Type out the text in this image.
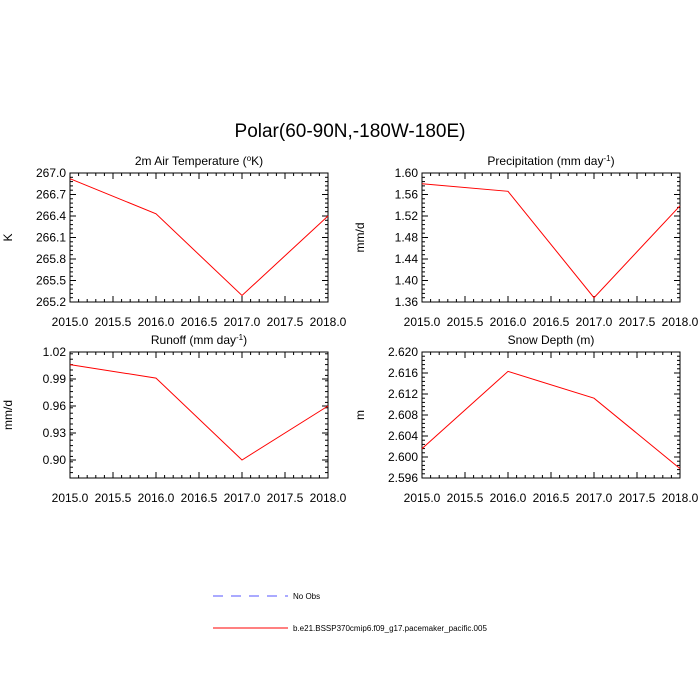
Polar(60-90N,-180W-180E)
2015.0 2015.5 2016.0 2016.5 2017.0 2017.5 2018.0
265.2
265.5
265.8
266.1
266.4
266.7
267.0
2m Air Temperature ($^o$K)
K
2015.0 2015.5 2016.0 2016.5 2017.0 2017.5 2018.0
1.36
1.40
1.44
1.48
1.52
1.56
1.60
Precipitation (mm day$^{-1}$)
mm/d
2015.0 2015.5 2016.0 2016.5 2017.0 2017.5 2018.0
0.90
0.93
0.96
0.99
1.02
Runoff (mm day$^{-1}$)
mm/d
2015.0 2015.5 2016.0 2016.5 2017.0 2017.5 2018.0
2.596
2.600
2.604
2.608
2.612
2.616
2.620
Snow Depth (m)
m
No Obs
b.e21.BSSP370cmip6.f09_g17.pacemaker_pacific.005
